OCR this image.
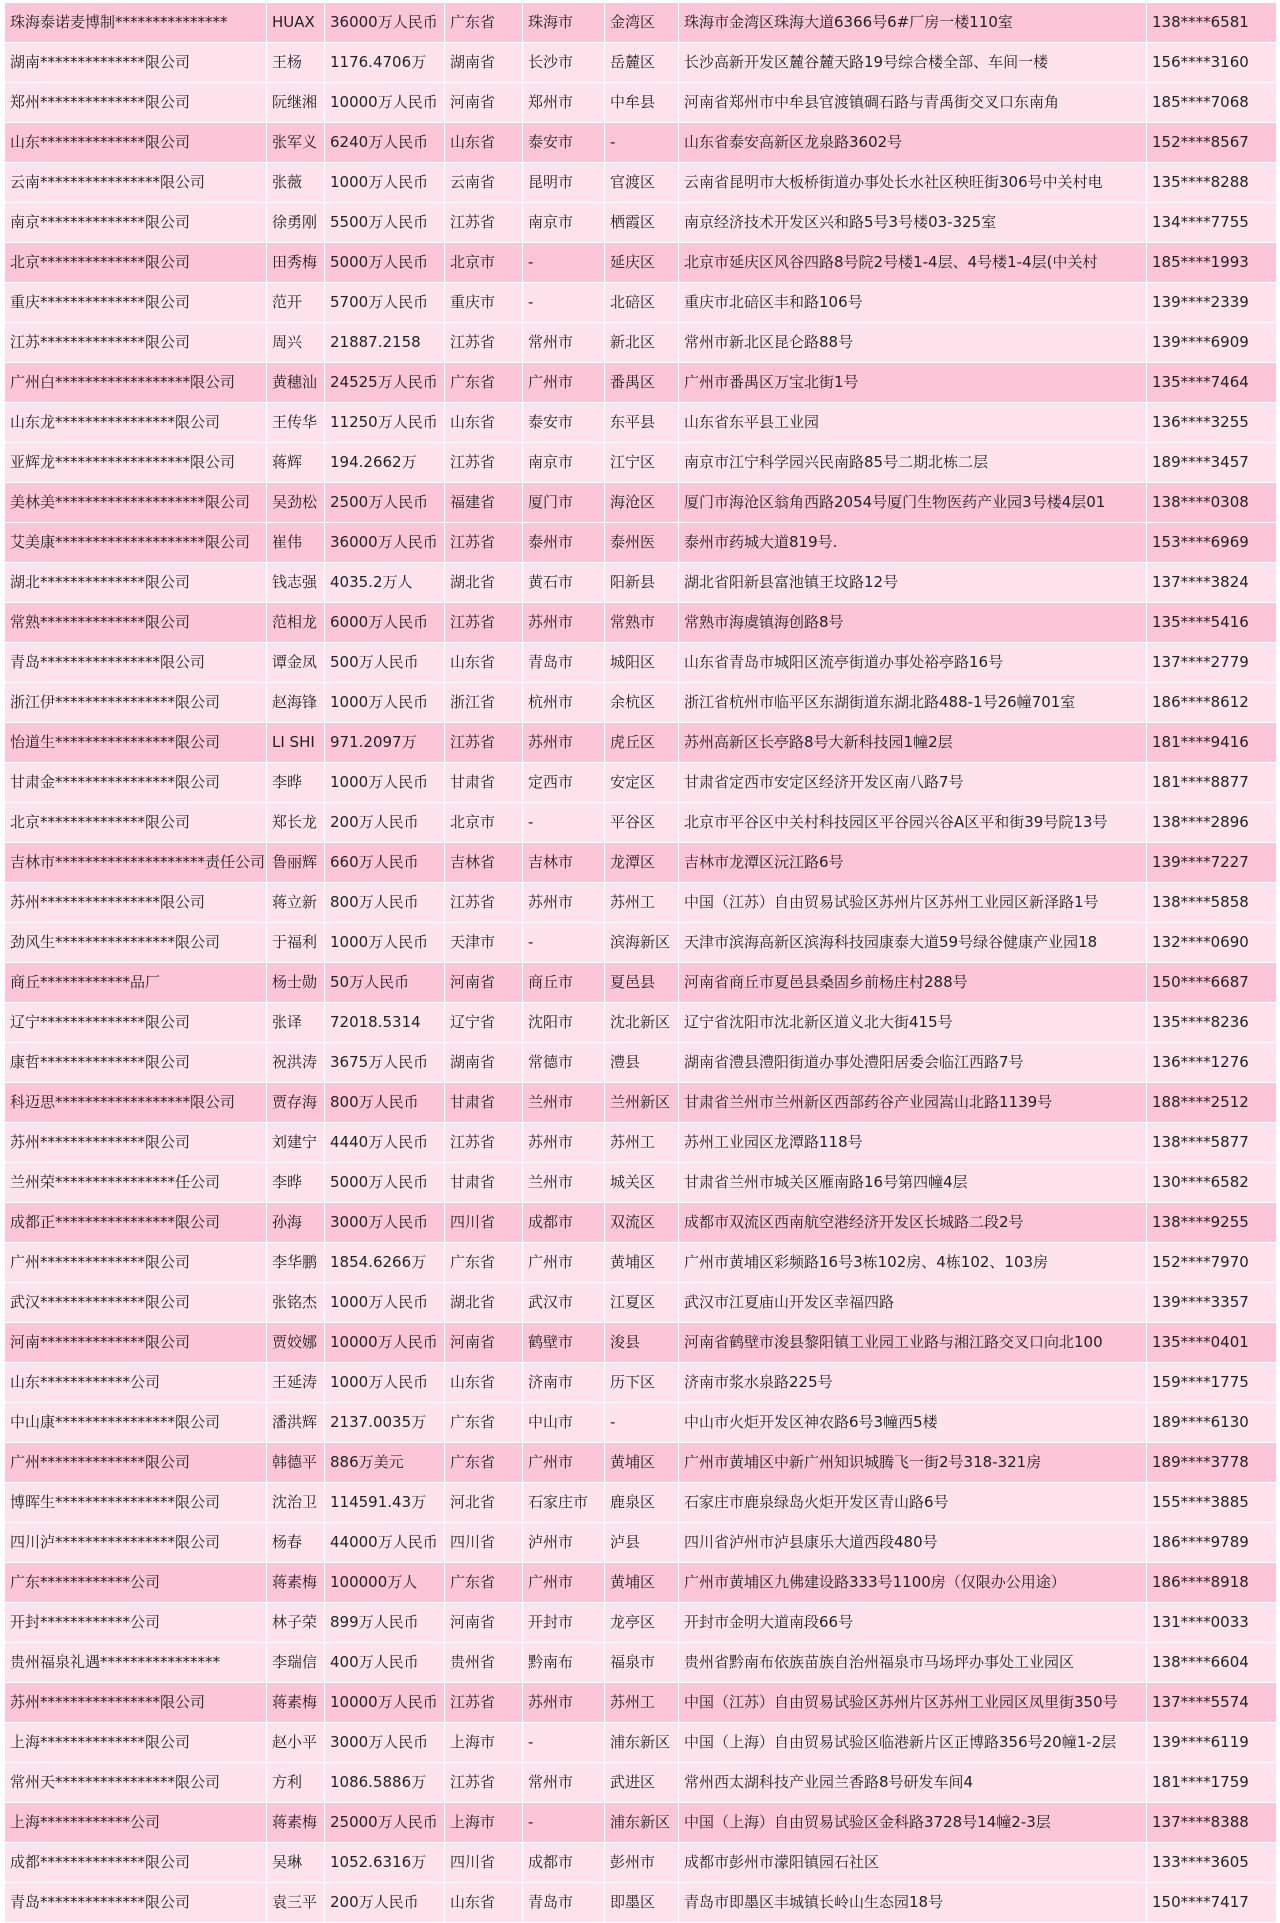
珠海泰诺麦博制***************	HUAX	36000万人民币	广东省	珠海市	金湾区	珠海市金湾区珠海大道6366号6#厂房一楼110室	138****6581
湖南**************限公司	王杨	1176.4706万	湖南省	长沙市	岳麓区	长沙高新开发区麓谷麓天路19号综合楼全部、车间一楼	156****3160
郑州**************限公司	阮继湘	10000万人民币	河南省	郑州市	中牟县	河南省郑州市中牟县官渡镇碉石路与青禹街交叉口东南角	185****7068
山东**************限公司	张军义	6240万人民币	山东省	泰安市	-	山东省泰安高新区龙泉路3602号	152****8567
云南****************限公司	张薇	1000万人民币	云南省	昆明市	官渡区	云南省昆明市大板桥街道办事处长水社区秧旺街306号中关村电	135****8288
南京**************限公司	徐勇刚	5500万人民币	江苏省	南京市	栖霞区	南京经济技术开发区兴和路5号3号楼03-325室	134****7755
北京**************限公司	田秀梅	5000万人民币	北京市	-	延庆区	北京市延庆区风谷四路8号院2号楼1-4层、4号楼1-4层(中关村	185****1993
重庆**************限公司	范开	5700万人民币	重庆市	-	北碚区	重庆市北碚区丰和路106号	139****2339
江苏**************限公司	周兴	21887.2158	江苏省	常州市	新北区	常州市新北区昆仑路88号	139****6909
广州白******************限公司	黄穗汕	24525万人民币	广东省	广州市	番禺区	广州市番禺区万宝北街1号	135****7464
山东龙****************限公司	王传华	11250万人民币	山东省	泰安市	东平县	山东省东平县工业园	136****3255
亚辉龙******************限公司	蒋辉	194.2662万	江苏省	南京市	江宁区	南京市江宁科学园兴民南路85号二期北栋二层	189****3457
美林美********************限公司	吴劲松	2500万人民币	福建省	厦门市	海沧区	厦门市海沧区翁角西路2054号厦门生物医药产业园3号楼4层01	138****0308
艾美康********************限公司	崔伟	36000万人民币	江苏省	泰州市	泰州医	泰州市药城大道819号.	153****6969
湖北**************限公司	钱志强	4035.2万人	湖北省	黄石市	阳新县	湖北省阳新县富池镇王坟路12号	137****3824
常熟**************限公司	范相龙	6000万人民币	江苏省	苏州市	常熟市	常熟市海虞镇海创路8号	135****5416
青岛****************限公司	谭金凤	500万人民币	山东省	青岛市	城阳区	山东省青岛市城阳区流亭街道办事处裕亭路16号	137****2779
浙江伊****************限公司	赵海锋	1000万人民币	浙江省	杭州市	余杭区	浙江省杭州市临平区东湖街道东湖北路488-1号26幢701室	186****8612
怡道生****************限公司	LI SHI	971.2097万	江苏省	苏州市	虎丘区	苏州高新区长亭路8号大新科技园1幢2层	181****9416
甘肃金****************限公司	李晔	1000万人民币	甘肃省	定西市	安定区	甘肃省定西市安定区经济开发区南八路7号	181****8877
北京**************限公司	郑长龙	200万人民币	北京市	-	平谷区	北京市平谷区中关村科技园区平谷园兴谷A区平和街39号院13号	138****2896
吉林市********************责任公司	鲁丽辉	660万人民币	吉林省	吉林市	龙潭区	吉林市龙潭区沅江路6号	139****7227
苏州****************限公司	蒋立新	800万人民币	江苏省	苏州市	苏州工	中国（江苏）自由贸易试验区苏州片区苏州工业园区新泽路1号	138****5858
劲风生****************限公司	于福利	1000万人民币	天津市	-	滨海新区	天津市滨海高新区滨海科技园康泰大道59号绿谷健康产业园18	132****0690
商丘************品厂	杨士勋	50万人民币	河南省	商丘市	夏邑县	河南省商丘市夏邑县桑固乡前杨庄村288号	150****6687
辽宁**************限公司	张译	72018.5314	辽宁省	沈阳市	沈北新区	辽宁省沈阳市沈北新区道义北大街415号	135****8236
康哲**************限公司	祝洪涛	3675万人民币	湖南省	常德市	澧县	湖南省澧县澧阳街道办事处澧阳居委会临江西路7号	136****1276
科迈思******************限公司	贾存海	800万人民币	甘肃省	兰州市	兰州新区	甘肃省兰州市兰州新区西部药谷产业园嵩山北路1139号	188****2512
苏州**************限公司	刘建宁	4440万人民币	江苏省	苏州市	苏州工	苏州工业园区龙潭路118号	138****5877
兰州荣****************任公司	李晔	5000万人民币	甘肃省	兰州市	城关区	甘肃省兰州市城关区雁南路16号第四幢4层	130****6582
成都正****************限公司	孙海	3000万人民币	四川省	成都市	双流区	成都市双流区西南航空港经济开发区长城路二段2号	138****9255
广州**************限公司	李华鹏	1854.6266万	广东省	广州市	黄埔区	广州市黄埔区彩频路16号3栋102房、4栋102、103房	152****7970
武汉**************限公司	张铭杰	1000万人民币	湖北省	武汉市	江夏区	武汉市江夏庙山开发区幸福四路	139****3357
河南**************限公司	贾姣娜	10000万人民币	河南省	鹤壁市	浚县	河南省鹤壁市浚县黎阳镇工业园工业路与湘江路交叉口向北100	135****0401
山东************公司	王延涛	1000万人民币	山东省	济南市	历下区	济南市浆水泉路225号	159****1775
中山康****************限公司	潘洪辉	2137.0035万	广东省	中山市	-	中山市火炬开发区神农路6号3幢西5楼	189****6130
广州**************限公司	韩德平	886万美元	广东省	广州市	黄埔区	广州市黄埔区中新广州知识城腾飞一街2号318-321房	189****3778
博晖生****************限公司	沈治卫	114591.43万	河北省	石家庄市	鹿泉区	石家庄市鹿泉绿岛火炬开发区青山路6号	155****3885
四川泸****************限公司	杨春	44000万人民币	四川省	泸州市	泸县	四川省泸州市泸县康乐大道西段480号	186****9789
广东************公司	蒋素梅	100000万人	广东省	广州市	黄埔区	广州市黄埔区九佛建设路333号1100房（仅限办公用途）	186****8918
开封************公司	林子荣	899万人民币	河南省	开封市	龙亭区	开封市金明大道南段66号	131****0033
贵州福泉礼遇****************	李瑞信	400万人民币	贵州省	黔南布	福泉市	贵州省黔南布依族苗族自治州福泉市马场坪办事处工业园区	138****6604
苏州****************限公司	蒋素梅	10000万人民币	江苏省	苏州市	苏州工	中国（江苏）自由贸易试验区苏州片区苏州工业园区凤里街350号	137****5574
上海**************限公司	赵小平	3000万人民币	上海市	-	浦东新区	中国（上海）自由贸易试验区临港新片区正博路356号20幢1-2层	139****6119
常州天****************限公司	方利	1086.5886万	江苏省	常州市	武进区	常州西太湖科技产业园兰香路8号研发车间4	181****1759
上海************公司	蒋素梅	25000万人民币	上海市	-	浦东新区	中国（上海）自由贸易试验区金科路3728号14幢2-3层	137****8388
成都**************限公司	吴琳	1052.6316万	四川省	成都市	彭州市	成都市彭州市濛阳镇园石社区	133****3605
青岛**************限公司	袁三平	200万人民币	山东省	青岛市	即墨区	青岛市即墨区丰城镇长岭山生态园18号	150****7417
